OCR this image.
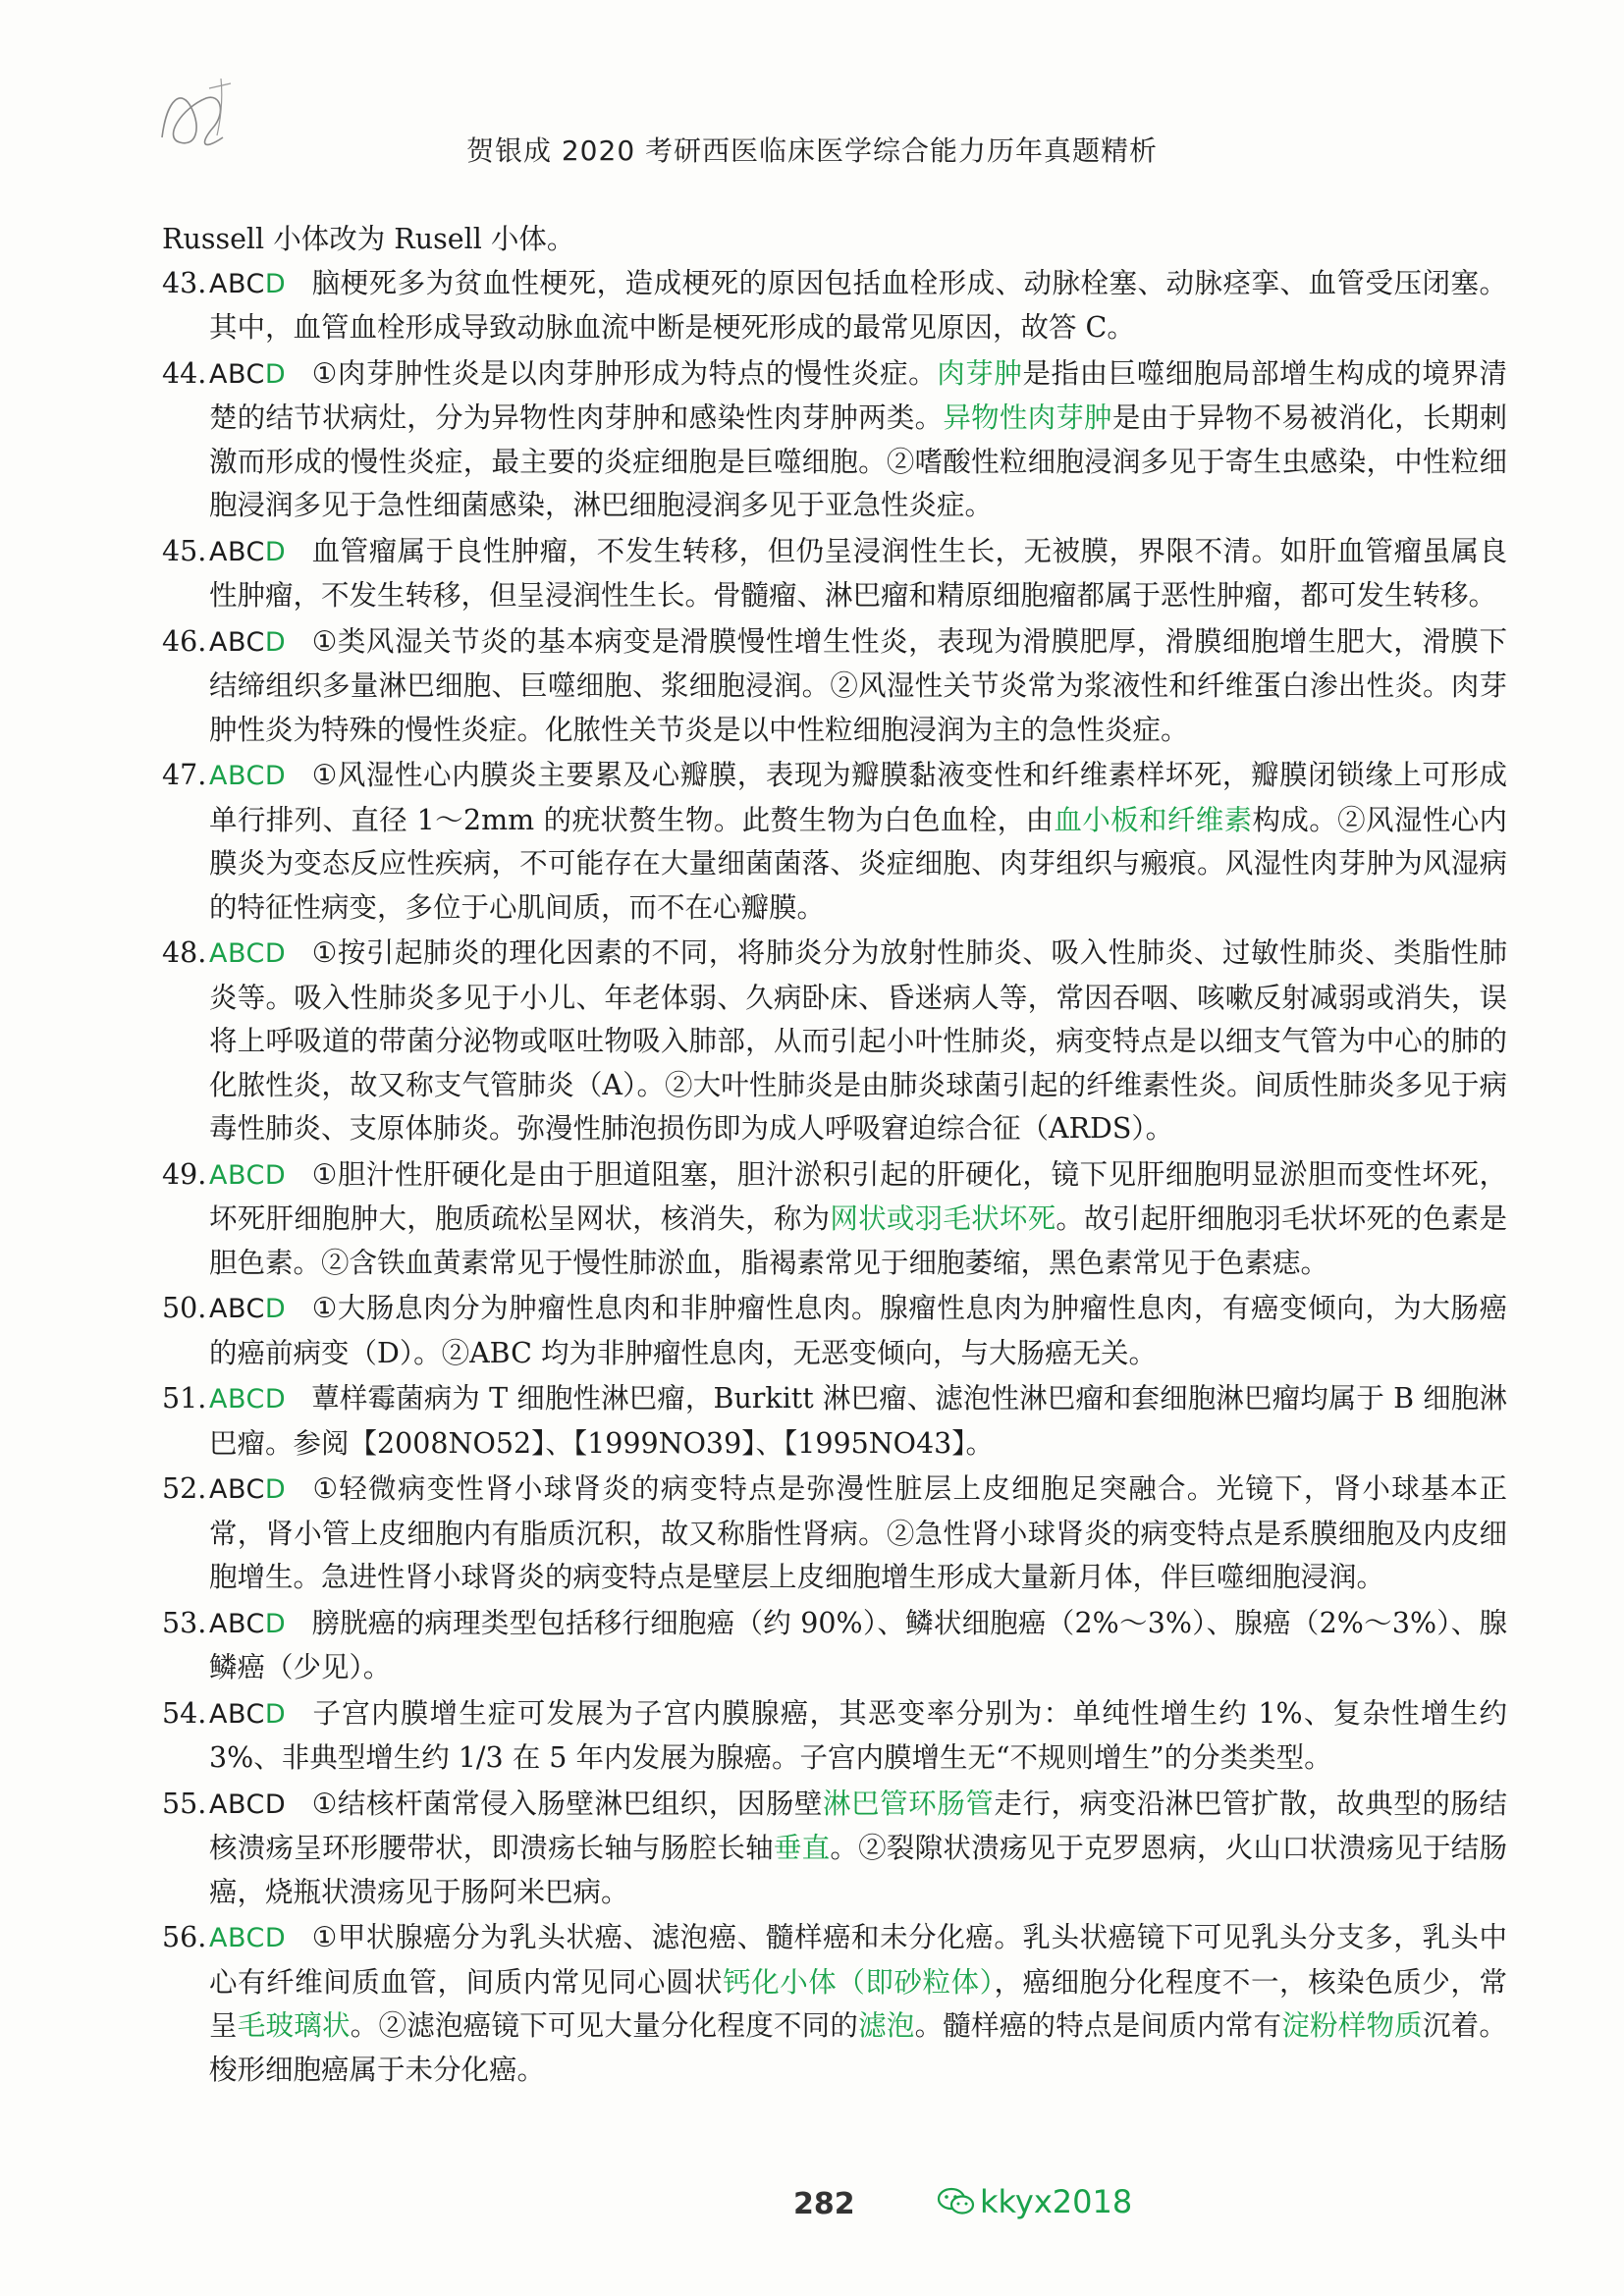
贺银成 2020 考研西医临床医学综合能力历年真题精析
Russell 小体改为 Rusell 小体。
43. ABCD 脑梗死多为贫血性梗死，造成梗死的原因包括血栓形成、动脉栓塞、动脉痉挛、血管受压闭塞。其中，血管血栓形成导致动脉血流中断是梗死形成的最常见原因，故答 C。
44. ABCD ①肉芽肿性炎是以肉芽肿形成为特点的慢性炎症。肉芽肿是指由巨噬细胞局部增生构成的境界清楚的结节状病灶，分为异物性肉芽肿和感染性肉芽肿两类。异物性肉芽肿是由于异物不易被消化，长期刺激而形成的慢性炎症，最主要的炎症细胞是巨噬细胞。②嗜酸性粒细胞浸润多见于寄生虫感染，中性粒细胞浸润多见于急性细菌感染，淋巴细胞浸润多见于亚急性炎症。
45. ABCD 血管瘤属于良性肿瘤，不发生转移，但仍呈浸润性生长，无被膜，界限不清。如肝血管瘤虽属良性肿瘤，不发生转移，但呈浸润性生长。骨髓瘤、淋巴瘤和精原细胞瘤都属于恶性肿瘤，都可发生转移。
46. ABCD ①类风湿关节炎的基本病变是滑膜慢性增生性炎，表现为滑膜肥厚，滑膜细胞增生肥大，滑膜下结缔组织多量淋巴细胞、巨噬细胞、浆细胞浸润。②风湿性关节炎常为浆液性和纤维蛋白渗出性炎。肉芽肿性炎为特殊的慢性炎症。化脓性关节炎是以中性粒细胞浸润为主的急性炎症。
47. ABCD ①风湿性心内膜炎主要累及心瓣膜，表现为瓣膜黏液变性和纤维素样坏死，瓣膜闭锁缘上可形成单行排列、直径 1～2mm 的疣状赘生物。此赘生物为白色血栓，由血小板和纤维素构成。②风湿性心内膜炎为变态反应性疾病，不可能存在大量细菌菌落、炎症细胞、肉芽组织与瘢痕。风湿性肉芽肿为风湿病的特征性病变，多位于心肌间质，而不在心瓣膜。
48. ABCD ①按引起肺炎的理化因素的不同，将肺炎分为放射性肺炎、吸入性肺炎、过敏性肺炎、类脂性肺炎等。吸入性肺炎多见于小儿、年老体弱、久病卧床、昏迷病人等，常因吞咽、咳嗽反射减弱或消失，误将上呼吸道的带菌分泌物或呕吐物吸入肺部，从而引起小叶性肺炎，病变特点是以细支气管为中心的肺的化脓性炎，故又称支气管肺炎（A）。②大叶性肺炎是由肺炎球菌引起的纤维素性炎。间质性肺炎多见于病毒性肺炎、支原体肺炎。弥漫性肺泡损伤即为成人呼吸窘迫综合征（ARDS）。
49. ABCD ①胆汁性肝硬化是由于胆道阻塞，胆汁淤积引起的肝硬化，镜下见肝细胞明显淤胆而变性坏死，坏死肝细胞肿大，胞质疏松呈网状，核消失，称为网状或羽毛状坏死。故引起肝细胞羽毛状坏死的色素是胆色素。②含铁血黄素常见于慢性肺淤血，脂褐素常见于细胞萎缩，黑色素常见于色素痣。
50. ABCD ①大肠息肉分为肿瘤性息肉和非肿瘤性息肉。腺瘤性息肉为肿瘤性息肉，有癌变倾向，为大肠癌的癌前病变（D）。②ABC 均为非肿瘤性息肉，无恶变倾向，与大肠癌无关。
51. ABCD 蕈样霉菌病为 T 细胞性淋巴瘤，Burkitt 淋巴瘤、滤泡性淋巴瘤和套细胞淋巴瘤均属于 B 细胞淋巴瘤。参阅【2008NO52】、【1999NO39】、【1995NO43】。
52. ABCD ①轻微病变性肾小球肾炎的病变特点是弥漫性脏层上皮细胞足突融合。光镜下，肾小球基本正常，肾小管上皮细胞内有脂质沉积，故又称脂性肾病。②急性肾小球肾炎的病变特点是系膜细胞及内皮细胞增生。急进性肾小球肾炎的病变特点是壁层上皮细胞增生形成大量新月体，伴巨噬细胞浸润。
53. ABCD 膀胱癌的病理类型包括移行细胞癌（约 90%）、鳞状细胞癌（2%～3%）、腺癌（2%～3%）、腺鳞癌（少见）。
54. ABCD 子宫内膜增生症可发展为子宫内膜腺癌，其恶变率分别为：单纯性增生约 1%、复杂性增生约 3%、非典型增生约 1/3 在 5 年内发展为腺癌。子宫内膜增生无“不规则增生”的分类类型。
55. ABCD ①结核杆菌常侵入肠壁淋巴组织，因肠壁淋巴管环肠管走行，病变沿淋巴管扩散，故典型的肠结核溃疡呈环形腰带状，即溃疡长轴与肠腔长轴垂直。②裂隙状溃疡见于克罗恩病，火山口状溃疡见于结肠癌，烧瓶状溃疡见于肠阿米巴病。
56. ABCD ①甲状腺癌分为乳头状癌、滤泡癌、髓样癌和未分化癌。乳头状癌镜下可见乳头分支多，乳头中心有纤维间质血管，间质内常见同心圆状钙化小体（即砂粒体），癌细胞分化程度不一，核染色质少，常呈毛玻璃状。②滤泡癌镜下可见大量分化程度不同的滤泡。髓样癌的特点是间质内常有淀粉样物质沉着。梭形细胞癌属于未分化癌。
282	kkyx2018
